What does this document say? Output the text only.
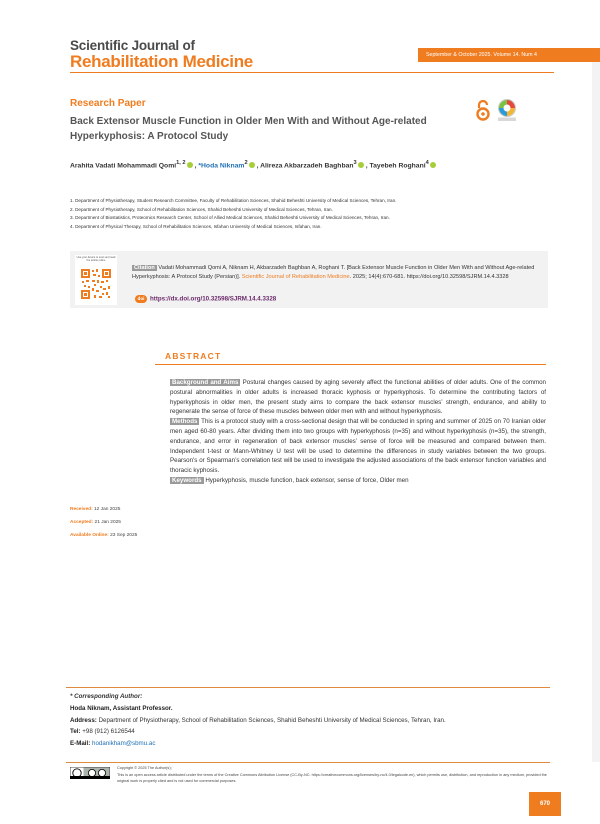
Scientific Journal of
Rehabilitation Medicine	September & October 2025. Volume 14. Num 4
Research Paper
Back Extensor Muscle Function in Older Men With and Without Age-related Hyperkyphosis: A Protocol Study
Arahita Vadati Mohammadi Qomi$^{1, 2}$ , *Hoda Niknam$^2$ , Alireza Akbarzadeh Baghban$^3$ , Tayebeh Roghani$^4$
1. Department of Physiotherapy, Student Research Committee, Faculty of Rehabilitation Sciences, Shahid Beheshti University of Medical Sciences, Tehran, Iran.
2. Department of Physiotherapy, School of Rehabilitation Sciences, Shahid Beheshti University of Medical Sciences, Tehran, Iran.
3. Department of Biostatistics, Proteomics Research Center, School of Allied Medical Sciences, Shahid Beheshti University of Medical Sciences, Tehran, Iran.
4. Department of Physical Therapy, School of Rehabilitation Sciences, Isfahan University of Medical Sciences, Isfahan, Iran.
Use your device to scan and read the article online
Citation Vadati Mohammadi Qomi A, Niknam H, Akbarzadeh Baghban A, Roghani T. [Back Extensor Muscle Function in Older Men With and Without Age-related Hyperkyphosis: A Protocol Study (Persian)]. Scientific Journal of Rehabilitation Medicine. 2025; 14(4):670-681. https://doi.org/10.32598/SJRM.14.4.3328
doi https://dx.doi.org/10.32598/SJRM.14.4.3328
ABSTRACT
Background and Aims Postural changes caused by aging severely affect the functional abilities of older adults. One of the common postural abnormalities in older adults is increased thoracic kyphosis or hyperkyphosis. To determine the contributing factors of hyperkyphosis in older men, the present study aims to compare the back extensor muscles’ strength, endurance, and ability to regenerate the sense of force of these muscles between older men with and without hyperkyphosis.
Methods This is a protocol study with a cross-sectional design that will be conducted in spring and summer of 2025 on 70 Iranian older men aged 60-80 years. After dividing them into two groups with hyperkyphosis (n=35) and without hyperkyphosis (n=35), the strength, endurance, and error in regeneration of back extensor muscles’ sense of force will be measured and compared between them. Independent t-test or Mann-Whitney U test will be used to determine the differences in study variables between the two groups. Pearson’s or Spearman’s correlation test will be used to investigate the adjusted associations of the back extensor function variables and thoracic kyphosis.
Keywords Hyperkyphosis, muscle function, back extensor, sense of force, Older men
Received: 12 Jan 2025
Accepted: 21 Jan 2025
Available Online: 23 Sep 2025
* Corresponding Author:
Hoda Niknam, Assistant Professor.
Address: Department of Physiotherapy, School of Rehabilitation Sciences, Shahid Beheshti University of Medical Sciences, Tehran, Iran.
Tel: +98 (912) 6126544
E-Mail: hodanikham@sbmu.ac
Copyright © 2025 The Author(s);
This is an open access article distributed under the terms of the Creative Commons Attribution License (CC-By-NC: https://creativecommons.org/licenses/by-nc/4.0/legalcode.en), which permits use, distribution, and reproduction in any medium, provided the original work is properly cited and is not used for commercial purposes.
670
